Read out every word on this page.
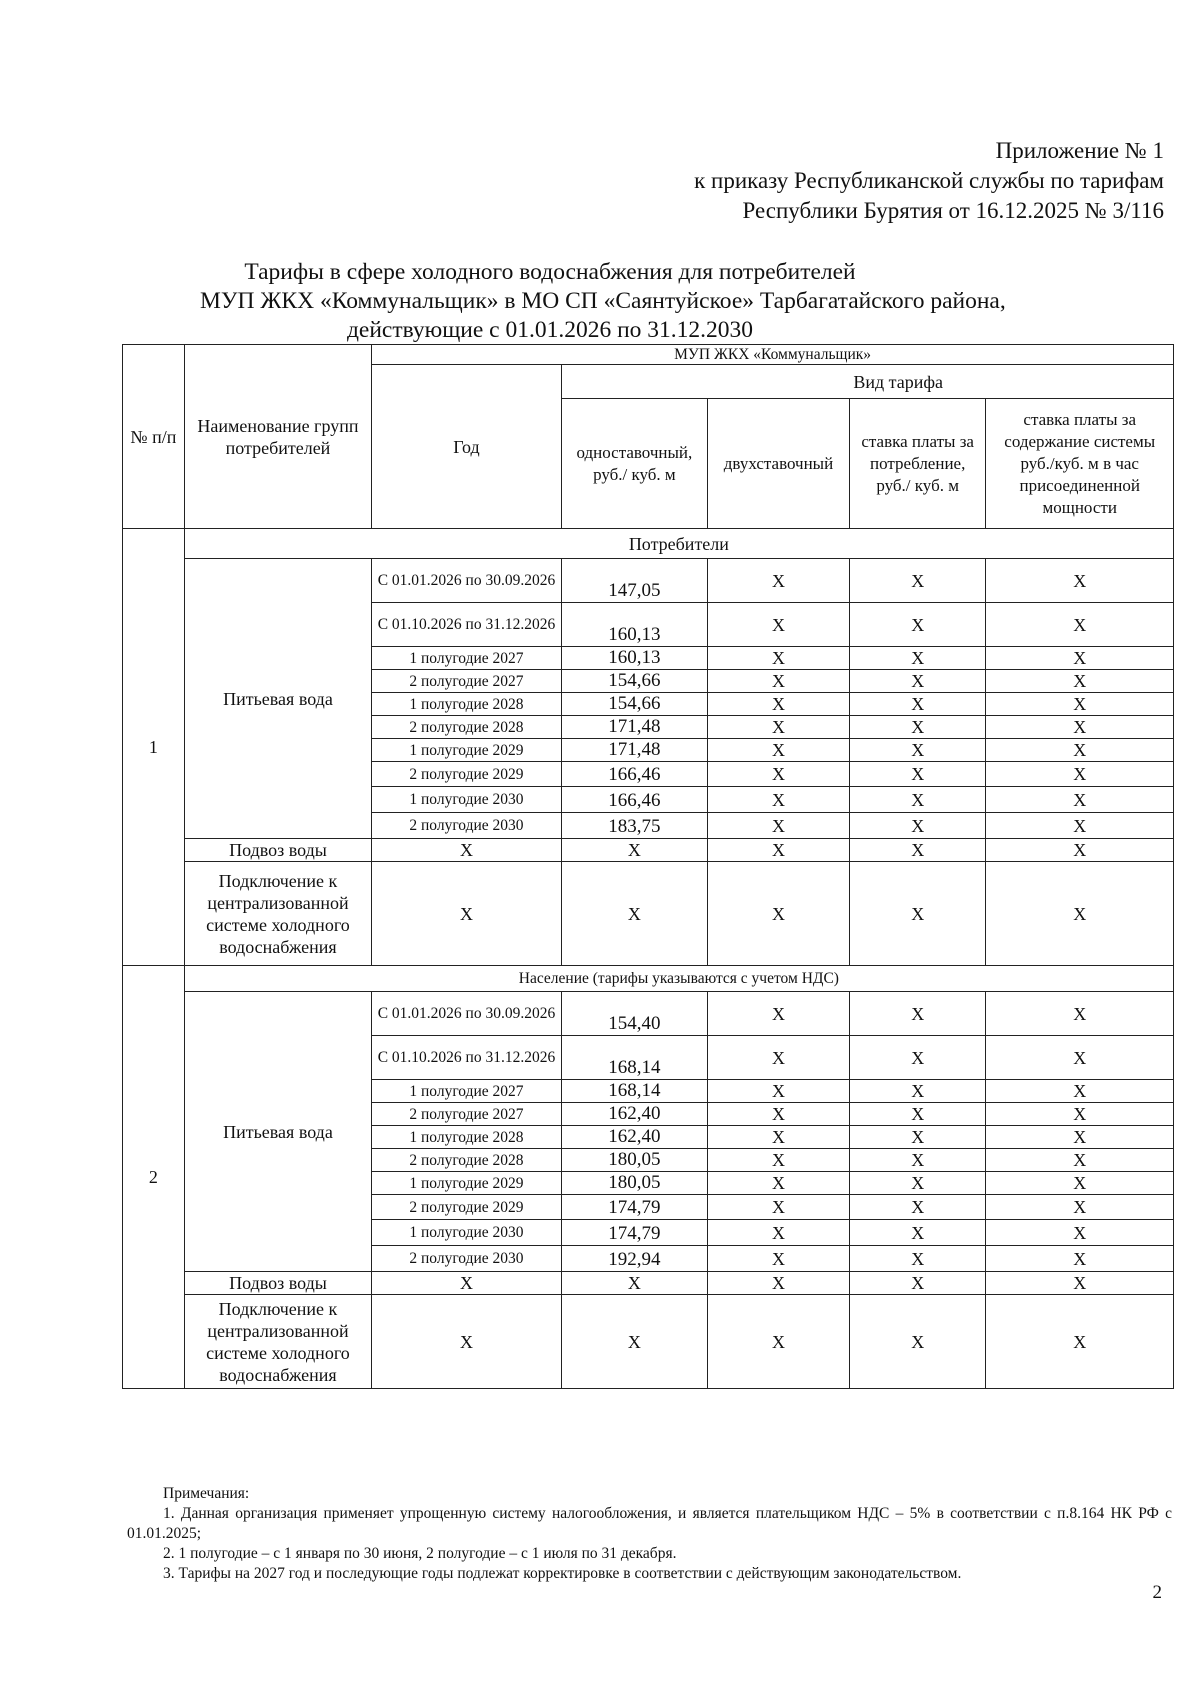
Приложение № 1
к приказу Республиканской службы по тарифам
Республики Бурятия от 16.12.2025 № 3/116
Тарифы в сфере холодного водоснабжения для потребителей
МУП ЖКХ «Коммунальщик» в МО СП «Саянтуйское» Тарбагатайского района,
действующие с 01.01.2026 по 31.12.2030
№ п/п	Наименование групп потребителей	МУП ЖКХ «Коммунальщик»				
		Год	Вид тарифа			
			одноставочный, руб./ куб. м	двухставочный	ставка платы за потребление, руб./ куб. м	ставка платы за содержание системы руб./куб. м в час присоединенной мощности
1	Потребители					
	Питьевая вода	С 01.01.2026 по 30.09.2026	147,05	Х	Х	Х
		С 01.10.2026 по 31.12.2026	160,13	Х	Х	Х
		1 полугодие 2027	160,13	Х	Х	Х
		2 полугодие 2027	154,66	Х	Х	Х
		1 полугодие 2028	154,66	Х	Х	Х
		2 полугодие 2028	171,48	Х	Х	Х
		1 полугодие 2029	171,48	Х	Х	Х
		2 полугодие 2029	166,46	Х	Х	Х
		1 полугодие 2030	166,46	Х	Х	Х
		2 полугодие 2030	183,75	Х	Х	Х
	Подвоз воды	Х	Х	Х	Х	Х
	Подключение к централизованной системе холодного водоснабжения	Х	Х	Х	Х	Х
2	Население (тарифы указываются с учетом НДС)					
	Питьевая вода	С 01.01.2026 по 30.09.2026	154,40	Х	Х	Х
		С 01.10.2026 по 31.12.2026	168,14	Х	Х	Х
		1 полугодие 2027	168,14	Х	Х	Х
		2 полугодие 2027	162,40	Х	Х	Х
		1 полугодие 2028	162,40	Х	Х	Х
		2 полугодие 2028	180,05	Х	Х	Х
		1 полугодие 2029	180,05	Х	Х	Х
		2 полугодие 2029	174,79	Х	Х	Х
		1 полугодие 2030	174,79	Х	Х	Х
		2 полугодие 2030	192,94	Х	Х	Х
	Подвоз воды	Х	Х	Х	Х	Х
	Подключение к централизованной системе холодного водоснабжения	Х	Х	Х	Х	Х

Примечания:

1. Данная организация применяет упрощенную систему налогообложения, и является плательщиком НДС – 5% в соответствии с п.8.164 НК РФ с 01.01.2025;

2. 1 полугодие – с 1 января по 30 июня, 2 полугодие – с 1 июля по 31 декабря.

3. Тарифы на 2027 год и последующие годы подлежат корректировке в соответствии с действующим законодательством.

2
